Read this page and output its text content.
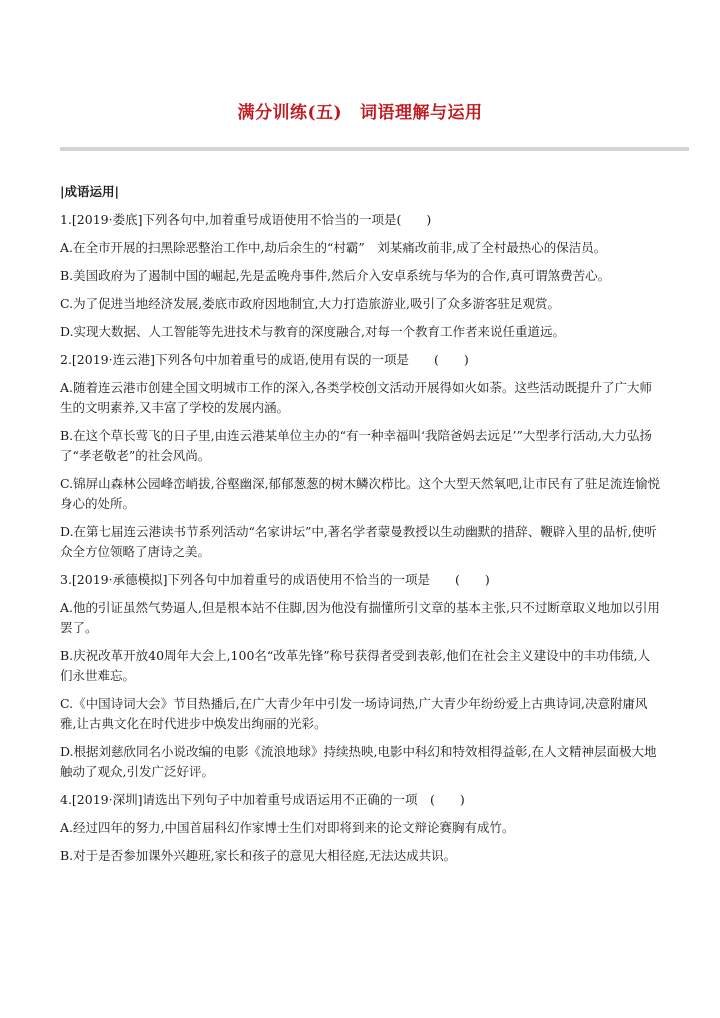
满分训练(五) 词语理解与运用
|成语运用|
1.[2019·娄底]下列各句中,加着重号成语使用不恰当的一项是(　　)
A.在全市开展的扫黑除恶整治工作中,劫后余生的“村霸”　刘某痛改前非,成了全村最热心的保洁员。
B.美国政府为了遏制中国的崛起,先是孟晚舟事件,然后介入安卓系统与华为的合作,真可谓煞费苦心。
C.为了促进当地经济发展,娄底市政府因地制宜,大力打造旅游业,吸引了众多游客驻足观赏。
D.实现大数据、人工智能等先进技术与教育的深度融合,对每一个教育工作者来说任重道远。
2.[2019·连云港]下列各句中加着重号的成语,使用有误的一项是　　(　　)
A.随着连云港市创建全国文明城市工作的深入,各类学校创文活动开展得如火如荼。这些活动既提升了广大师生的文明素养,又丰富了学校的发展内涵。
B.在这个草长莺飞的日子里,由连云港某单位主办的“有一种幸福叫‘我陪爸妈去远足’”大型孝行活动,大力弘扬了“孝老敬老”的社会风尚。
C.锦屏山森林公园峰峦峭拔,谷壑幽深,郁郁葱葱的树木鳞次栉比。这个大型天然氧吧,让市民有了驻足流连愉悦身心的处所。
D.在第七届连云港读书节系列活动“名家讲坛”中,著名学者蒙曼教授以生动幽默的措辞、鞭辟入里的品析,使听众全方位领略了唐诗之美。
3.[2019·承德模拟]下列各句中加着重号的成语使用不恰当的一项是　　(　　)
A.他的引证虽然气势逼人,但是根本站不住脚,因为他没有揣懂所引文章的基本主张,只不过断章取义地加以引用罢了。
B.庆祝改革开放40周年大会上,100名“改革先锋”称号获得者受到表彰,他们在社会主义建设中的丰功伟绩,人们永世难忘。
C.《中国诗词大会》节目热播后,在广大青少年中引发一场诗词热,广大青少年纷纷爱上古典诗词,决意附庸风雅,让古典文化在时代进步中焕发出绚丽的光彩。
D.根据刘慈欣同名小说改编的电影《流浪地球》持续热映,电影中科幻和特效相得益彰,在人文精神层面极大地触动了观众,引发广泛好评。
4.[2019·深圳]请选出下列句子中加着重号成语运用不正确的一项　(　　)
A.经过四年的努力,中国首届科幻作家博士生们对即将到来的论文辩论赛胸有成竹。
B.对于是否参加课外兴趣班,家长和孩子的意见大相径庭,无法达成共识。
